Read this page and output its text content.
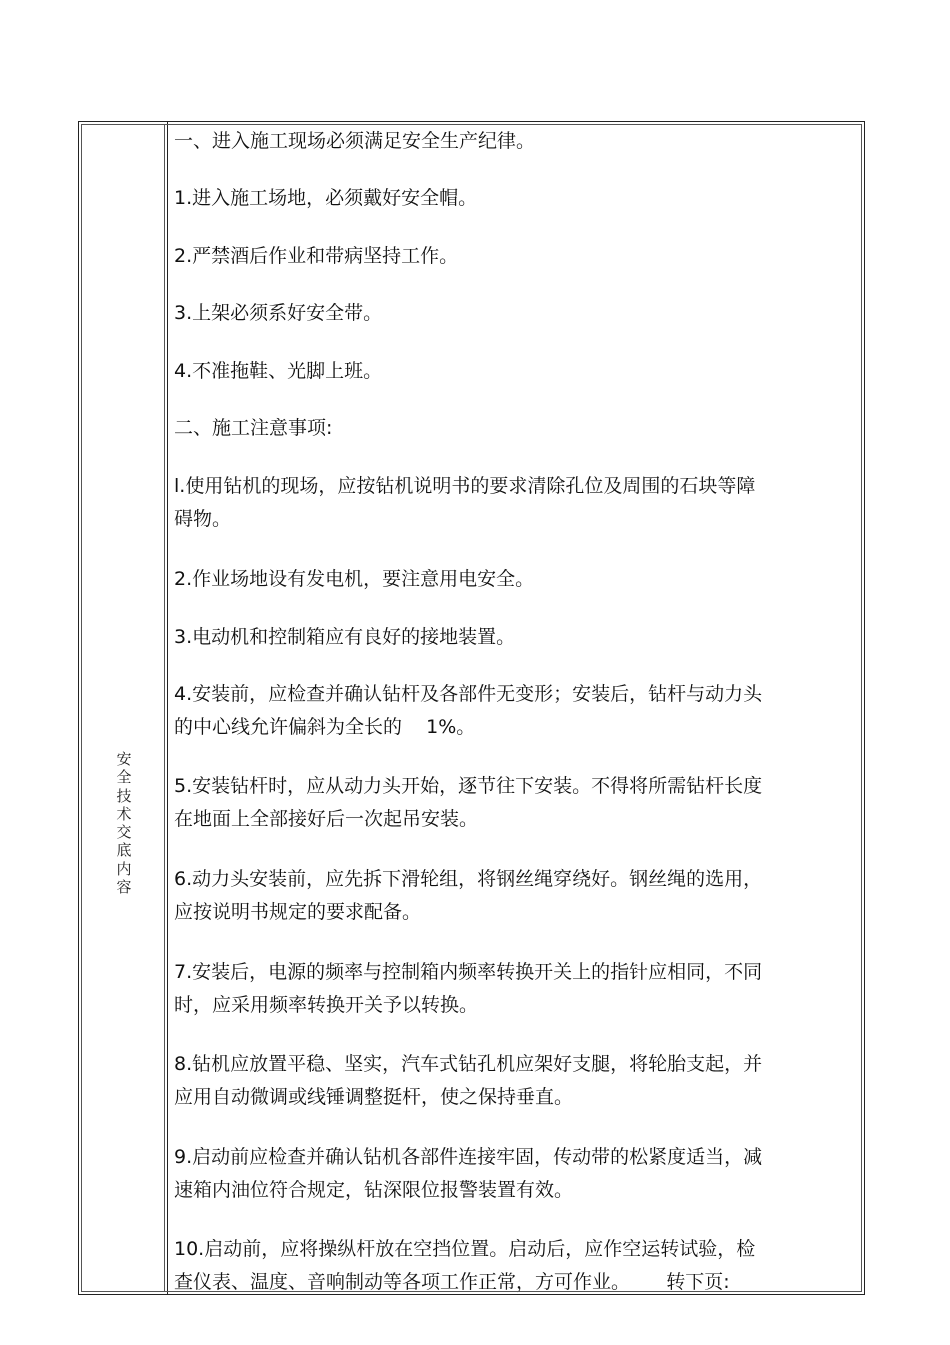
安全技术交底内容
一、进入施工现场必须满足安全生产纪律。
1.进入施工场地，必须戴好安全帽。
2.严禁酒后作业和带病坚持工作。
3.上架必须系好安全带。
4.不准拖鞋、光脚上班。
二、施工注意事项:
l.使用钻机的现场，应按钻机说明书的要求清除孔位及周围的石块等障
碍物。
2.作业场地设有发电机，要注意用电安全。
3.电动机和控制箱应有良好的接地装置。
4.安装前，应检查并确认钻杆及各部件无变形；安装后，钻杆与动力头
的中心线允许偏斜为全长的    1%。
5.安装钻杆时，应从动力头开始，逐节往下安装。不得将所需钻杆长度
在地面上全部接好后一次起吊安装。
6.动力头安装前，应先拆下滑轮组，将钢丝绳穿绕好。钢丝绳的选用，
应按说明书规定的要求配备。
7.安装后，电源的频率与控制箱内频率转换开关上的指针应相同，不同
时，应采用频率转换开关予以转换。
8.钻机应放置平稳、坚实，汽车式钻孔机应架好支腿，将轮胎支起，并
应用自动微调或线锤调整挺杆，使之保持垂直。
9.启动前应检查并确认钻机各部件连接牢固，传动带的松紧度适当，减
速箱内油位符合规定，钻深限位报警装置有效。
10.启动前，应将操纵杆放在空挡位置。启动后，应作空运转试验，检
查仪表、温度、音响制动等各项工作正常，方可作业。      转下页:
